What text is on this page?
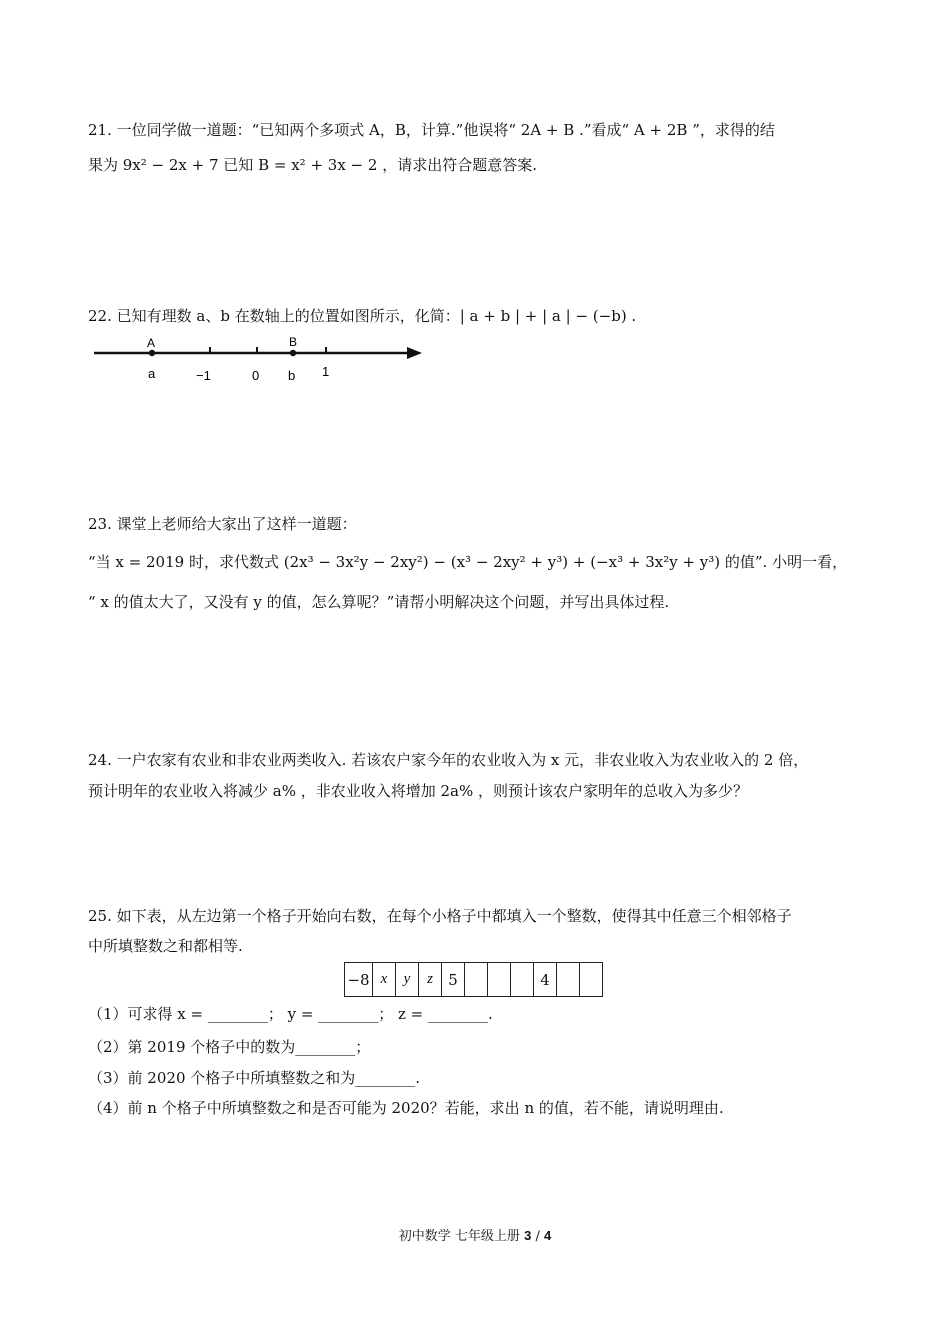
21. 一位同学做一道题：“已知两个多项式 A，B，计算.”他误将“ 2A + B .”看成“ A + 2B ”，求得的结
果为 9x² − 2x + 7 已知 B = x² + 3x − 2 ，请求出符合题意答案.
22. 已知有理数 a、b 在数轴上的位置如图所示，化简：| a + b | + | a | − (−b) .
A	B
a	−1	0 b 1
23. 课堂上老师给大家出了这样一道题：
“当 x = 2019 时，求代数式 (2x³ − 3x²y − 2xy²) − (x³ − 2xy² + y³) + (−x³ + 3x²y + y³) 的值”. 小明一看，
“ x 的值太大了，又没有 y 的值，怎么算呢？”请帮小明解决这个问题，并写出具体过程.
24. 一户农家有农业和非农业两类收入. 若该农户家今年的农业收入为 x 元，非农业收入为农业收入的 2 倍，
预计明年的农业收入将减少 a% ，非农业收入将增加 2a% ，则预计该农户家明年的总收入为多少？
25. 如下表，从左边第一个格子开始向右数，在每个小格子中都填入一个整数，使得其中任意三个相邻格子
中所填整数之和都相等.
−8	x	y	z	5				4		
（1）可求得 x = ________； y = ________； z = ________.
（2）第 2019 个格子中的数为________；
（3）前 2020 个格子中所填整数之和为________.
（4）前 n 个格子中所填整数之和是否可能为 2020？若能，求出 n 的值，若不能，请说明理由.
初中数学 七年级上册 3 / 4
